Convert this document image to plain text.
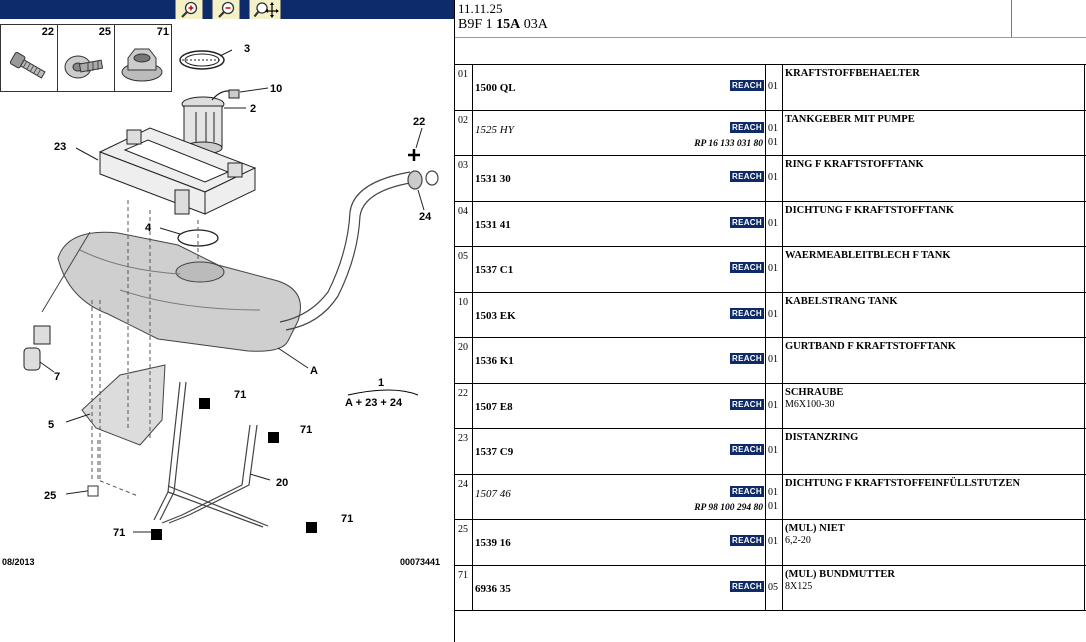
22	25	71
3
10
2
23
22
4
24
7	A
1
A + 23 + 24
71
5	71
20
25
71
71
08/2013	00073441
11.11.25
B9F 1 15A 03A
01
1500 QL	REACH 01
KRAFTSTOFFBEHAELTER
02
1525 HY	REACH 01
RP 16 133 031 80 01
TANKGEBER MIT PUMPE
03
1531 30	REACH 01
RING F KRAFTSTOFFTANK
04
1531 41	REACH 01
DICHTUNG F KRAFTSTOFFTANK
05
1537 C1	REACH 01
WAERMEABLEITBLECH F TANK
10
1503 EK	REACH 01
KABELSTRANG TANK
20
1536 K1	REACH 01
GURTBAND F KRAFTSTOFFTANK
22
1507 E8	REACH 01
SCHRAUBE
M6X100-30
23
1537 C9	REACH 01
DISTANZRING
24
1507 46	REACH 01
RP 98 100 294 80 01
DICHTUNG F KRAFTSTOFFEINFÜLLSTUTZEN
25
1539 16	REACH 01
(MUL) NIET
6,2-20
71
6936 35	REACH 05
(MUL) BUNDMUTTER
8X125
